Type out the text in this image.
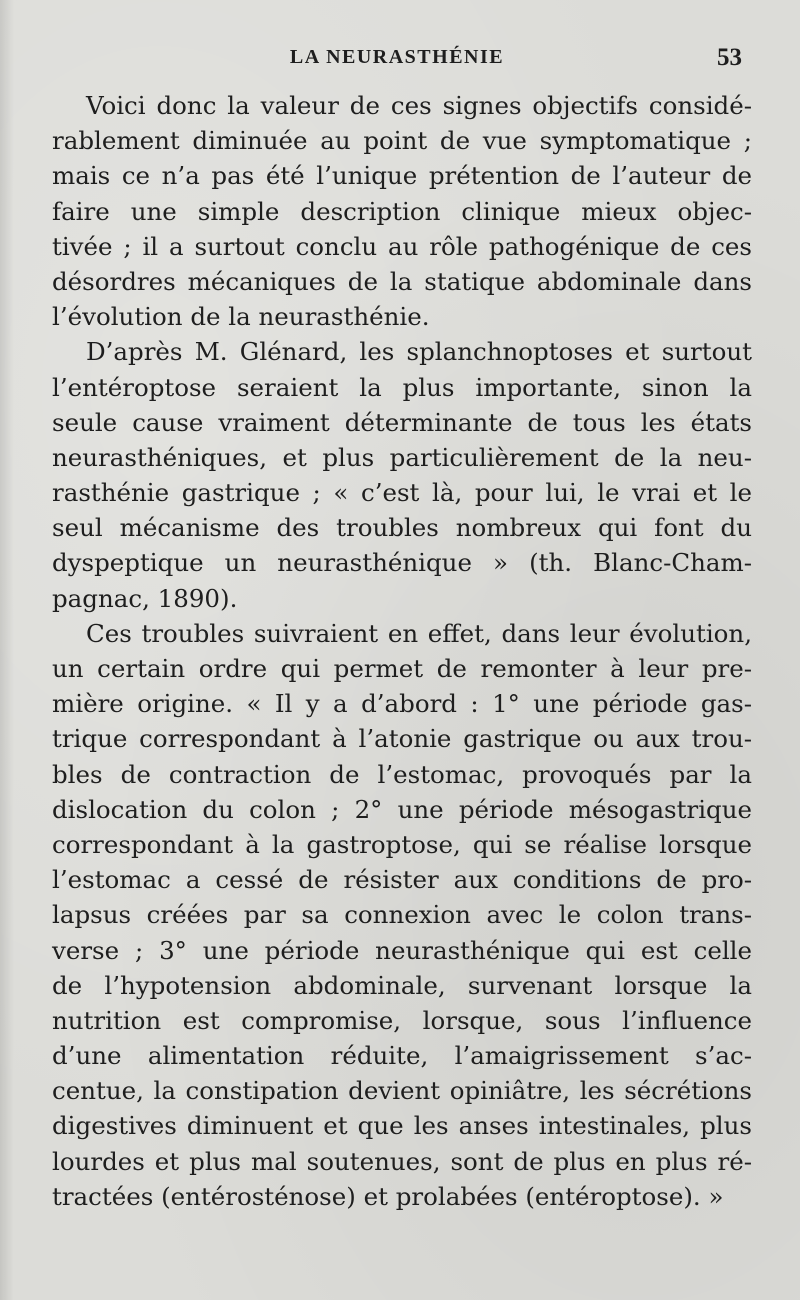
LA NEURASTHÉNIE	53
Voici donc la valeur de ces signes objectifs considé-
rablement diminuée au point de vue symptomatique ;
mais ce n’a pas été l’unique prétention de l’auteur de
faire une simple description clinique mieux objec-
tivée ; il a surtout conclu au rôle pathogénique de ces
désordres mécaniques de la statique abdominale dans
l’évolution de la neurasthénie.
D’après M. Glénard, les splanchnoptoses et surtout
l’entéroptose seraient la plus importante, sinon la
seule cause vraiment déterminante de tous les états
neurasthéniques, et plus particulièrement de la neu-
rasthénie gastrique ; « c’est là, pour lui, le vrai et le
seul mécanisme des troubles nombreux qui font du
dyspeptique un neurasthénique » (th. Blanc-Cham-
pagnac, 1890).
Ces troubles suivraient en effet, dans leur évolution,
un certain ordre qui permet de remonter à leur pre-
mière origine. « Il y a d’abord : 1° une période gas-
trique correspondant à l’atonie gastrique ou aux trou-
bles de contraction de l’estomac, provoqués par la
dislocation du colon ; 2° une période mésogastrique
correspondant à la gastroptose, qui se réalise lorsque
l’estomac a cessé de résister aux conditions de pro-
lapsus créées par sa connexion avec le colon trans-
verse ; 3° une période neurasthénique qui est celle
de l’hypotension abdominale, survenant lorsque la
nutrition est compromise, lorsque, sous l’influence
d’une alimentation réduite, l’amaigrissement s’ac-
centue, la constipation devient opiniâtre, les sécrétions
digestives diminuent et que les anses intestinales, plus
lourdes et plus mal soutenues, sont de plus en plus ré-
tractées (entérosténose) et prolabées (entéroptose). »
